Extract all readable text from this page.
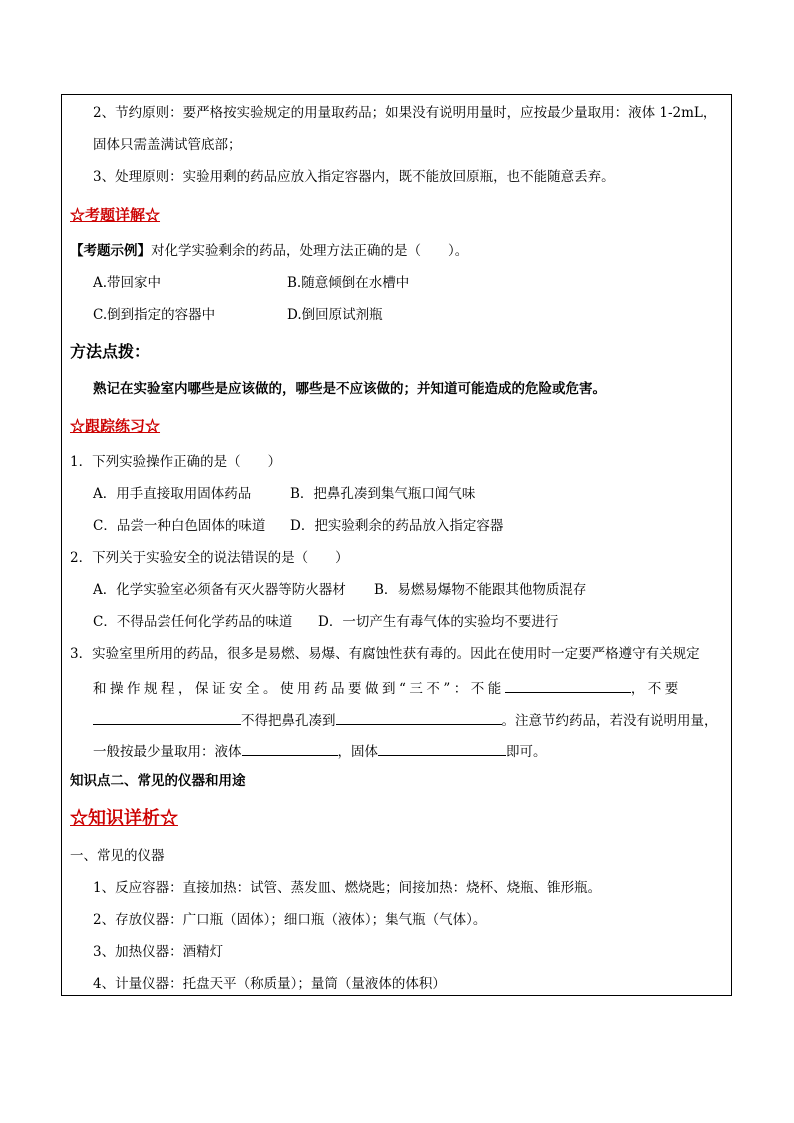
2、节约原则：要严格按实验规定的用量取药品；如果没有说明用量时，应按最少量取用：液体 1-2mL，
固体只需盖满试管底部；
3、处理原则：实验用剩的药品应放入指定容器内，既不能放回原瓶，也不能随意丢弃。
☆考题详解☆
【考题示例】对化学实验剩余的药品，处理方法正确的是（　　）。
A.带回家中	B.随意倾倒在水槽中
C.倒到指定的容器中	D.倒回原试剂瓶
方法点拨：
熟记在实验室内哪些是应该做的，哪些是不应该做的；并知道可能造成的危险或危害。
☆跟踪练习☆
1．下列实验操作正确的是（　　）
A．用手直接取用固体药品	B．把鼻孔凑到集气瓶口闻气味
C．品尝一种白色固体的味道 D．把实验剩余的药品放入指定容器
2．下列关于实验安全的说法错误的是（　　）
A．化学实验室必须备有灭火器等防火器材 B．易燃易爆物不能跟其他物质混存
C．不得品尝任何化学药品的味道 D．一切产生有毒气体的实验均不要进行
3．实验室里所用的药品，很多是易燃、易爆、有腐蚀性获有毒的。因此在使用时一定要严格遵守有关规定
和操作规程，保证安全。使用药品要做到“三不”：不能	，不要
不得把鼻孔凑到	。注意节约药品，若没有说明用量，
一般按最少量取用：液体	，固体	即可。
知识点二、常见的仪器和用途
☆知识详析☆
一、常见的仪器
1、反应容器：直接加热：试管、蒸发皿、燃烧匙；间接加热：烧杯、烧瓶、锥形瓶。
2、存放仪器：广口瓶（固体）；细口瓶（液体）；集气瓶（气体）。
3、加热仪器：酒精灯
4、计量仪器：托盘天平（称质量）；量筒（量液体的体积）
